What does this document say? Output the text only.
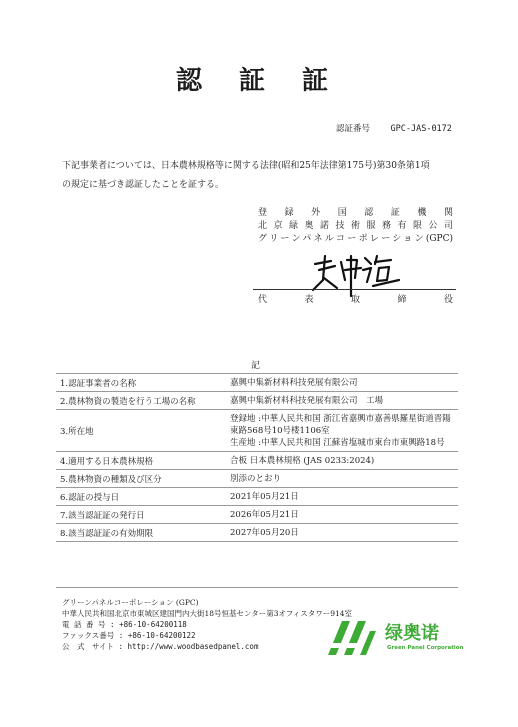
認 証 証
認証番号 GPC-JAS-0172
下記事業者については、日本農林規格等に関する法律(昭和25年法律第175号)第30条第1項
の規定に基づき認証したことを証する。
登録外国認証機関
北京緑奥諾技術服務有限公司
グリーンパネルコーポレーション(GPC)
代表取締役
記
1.認証事業者の名称	嘉興中集新材料科技発展有限公司
2.農林物資の製造を行う工場の名称	嘉興中集新材料科技発展有限公司　工場
3.所在地
登録地 :中華人民共和国 浙江省嘉興市嘉善県羅星街道晋陽東路568号10号楼1106室
生産地 :中華人民共和国 江蘇省塩城市東台市東興路18号
4.適用する日本農林規格	合板 日本農林規格 (JAS 0233:2024)
5.農林物資の種類及び区分	別添のとおり
6.認証の授与日	2021年05月21日
7.該当認証証の発行日	2026年05月21日
8.該当認証証の有効期限	2027年05月20日
グリーンパネルコーポレーション (GPC)
中華人民共和国北京市東城区建国門内大街18号恒基センター第3オフィスタワー914室
電 話 番 号 : +86-10-64200118
ファックス番号 : +86-10-64200122
公　式　サイト : http://www.woodbasedpanel.com
绿奥诺
Green Panel Corporation
